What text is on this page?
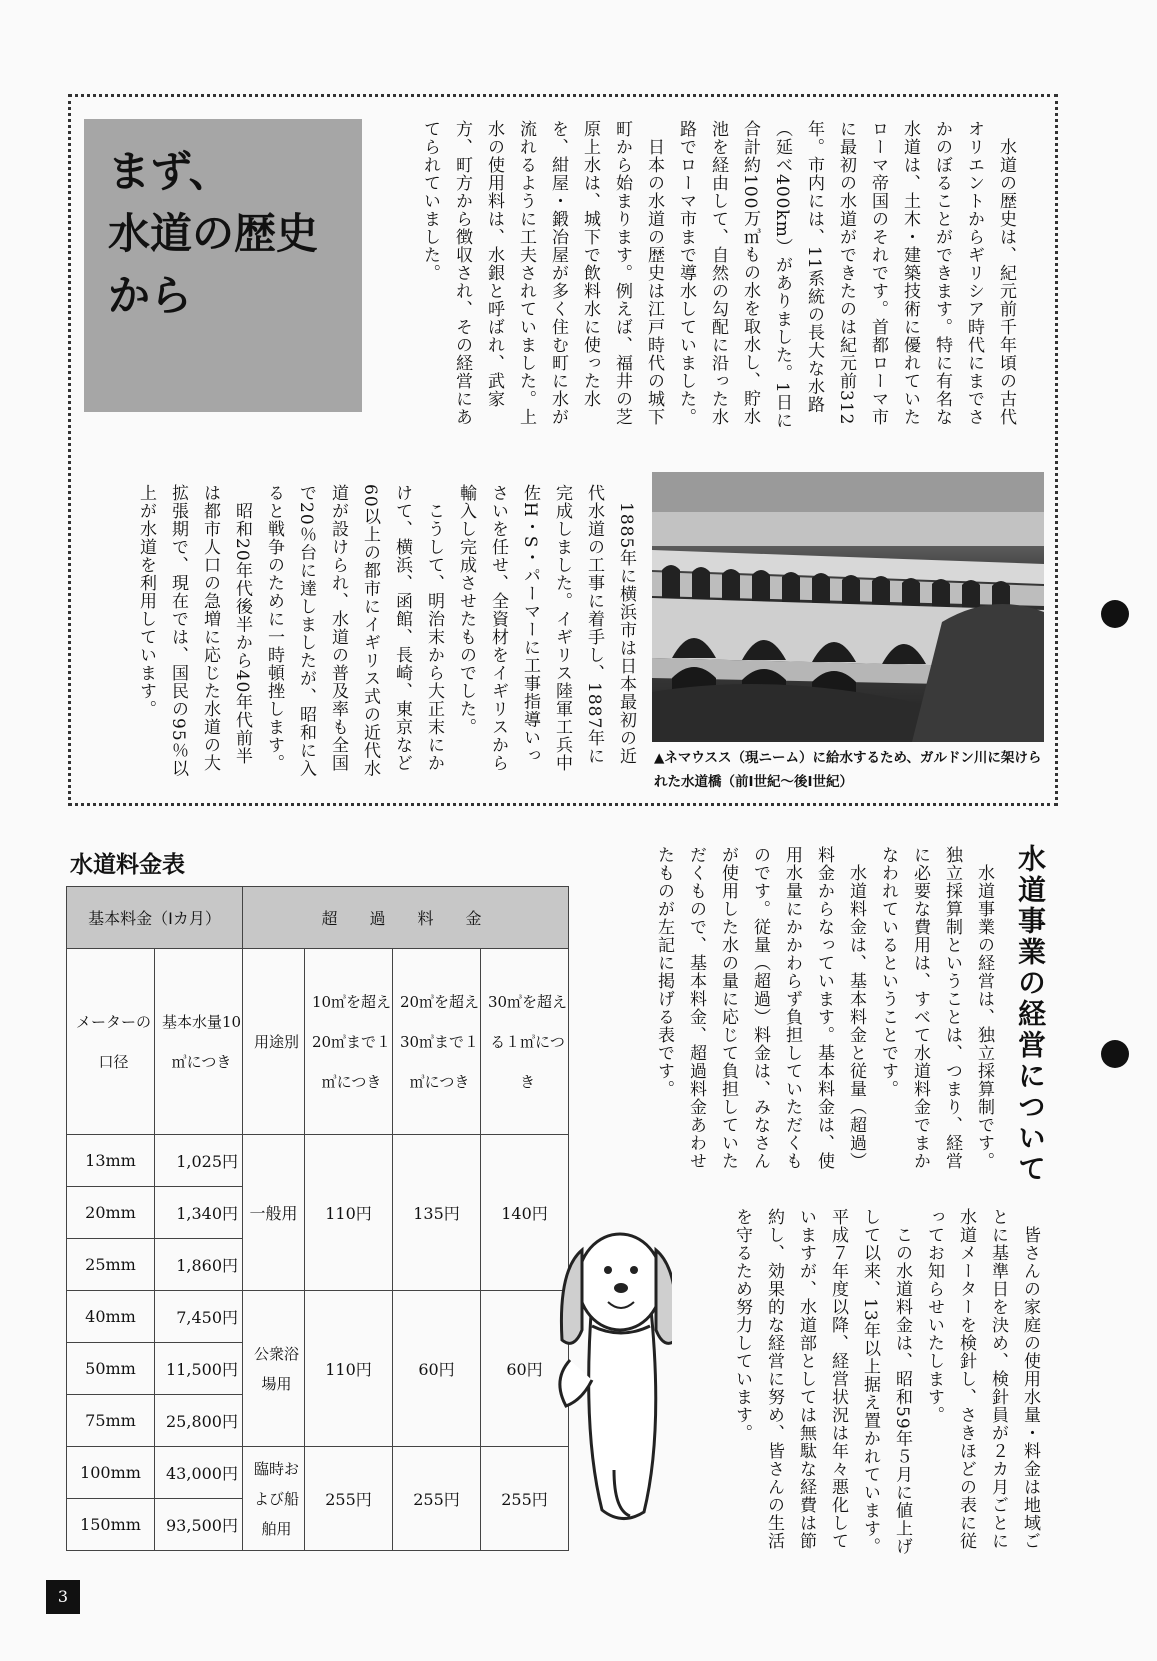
まず、
水道の歴史
から	　水道の歴史は、紀元前千年頃の古代オリエントからギリシア時代にまでさかのぼることができます。特に有名な水道は、土木・建築技術に優れていたローマ帝国のそれです。首都ローマ市に最初の水道ができたのは紀元前312年。市内には、11系統の長大な水路（延べ400km）がありました。1日に合計約100万㎥もの水を取水し、貯水池を経由して、自然の勾配に沿った水路でローマ市まで導水していました。
　日本の水道の歴史は江戸時代の城下町から始まります。例えば、福井の芝原上水は、城下で飲料水に使った水を、紺屋・鍛冶屋が多く住む町に水が流れるように工夫されていました。上水の使用料は、水銀と呼ばれ、武家方、町方から徴収され、その経営にあてられていました。
　1885年に横浜市は日本最初の近代水道の工事に着手し、1887年に完成しました。イギリス陸軍工兵中佐H・S・パーマーに工事指導いっさいを任せ、全資材をイギリスから輸入し完成させたものでした。
　こうして、明治末から大正末にかけて、横浜、函館、長崎、東京など60以上の都市にイギリス式の近代水道が設けられ、水道の普及率も全国で20％台に達しましたが、昭和に入ると戦争のために一時頓挫します。
　昭和20年代後半から40年代前半は都市人口の急増に応じた水道の大拡張期で、現在では、国民の95％以上が水道を利用しています。
▲ネマウスス（現ニーム）に給水するため、ガルドン川に架けられた水道橋（前Ⅰ世紀～後Ⅰ世紀）
水道料金表
基本料金（Ⅰカ月）		超　過　料　金			
メーターの口径	基本水量10㎥につき	用途別	10㎥を超え20㎥まで１㎥につき	20㎥を超え30㎥まで１㎥につき	30㎥を超える１㎥につき
13mm	1,025円	一般用	110円	135円	140円
20mm	1,340円				
25mm	1,860円				
40mm	7,450円	公衆浴場用	110円	60円	60円
50mm	11,500円				
75mm	25,800円				
100mm	43,000円	臨時および船舶用	255円	255円	255円
150mm	93,500円				
水道事業の経営について
　水道事業の経営は、独立採算制です。独立採算制ということは、つまり、経営に必要な費用は、すべて水道料金でまかなわれているということです。
　水道料金は、基本料金と従量（超過）料金からなっています。基本料金は、使用水量にかかわらず負担していただくものです。従量（超過）料金は、みなさんが使用した水の量に応じて負担していただくもので、基本料金、超過料金あわせたものが左記に掲げる表です。
　皆さんの家庭の使用水量・料金は地域ごとに基準日を決め、検針員が２カ月ごとに水道メーターを検針し、さきほどの表に従ってお知らせいたします。
　この水道料金は、昭和59年５月に値上げして以来、13年以上据え置かれています。平成７年度以降、経営状況は年々悪化していますが、水道部としては無駄な経費は節約し、効果的な経営に努め、皆さんの生活を守るため努力しています。
3
